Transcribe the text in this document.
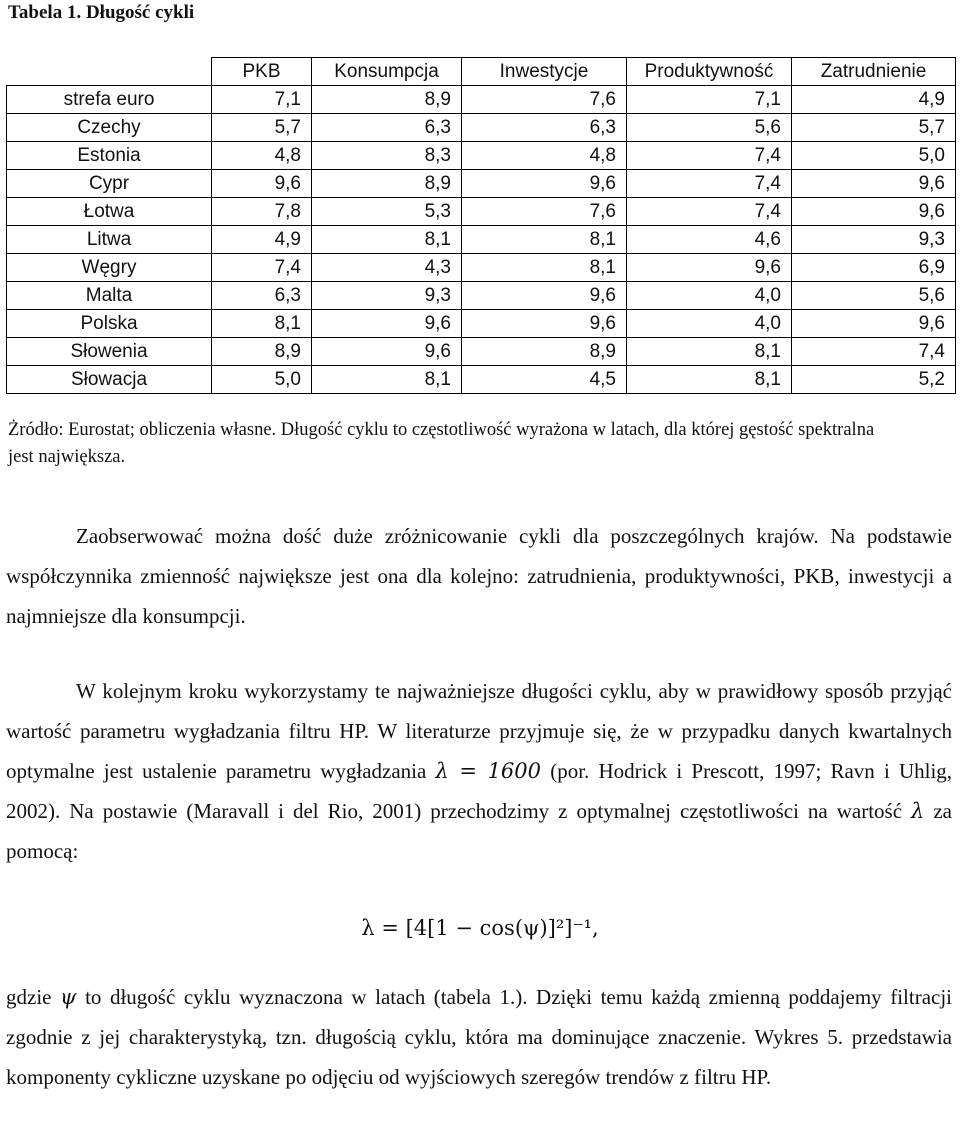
Tabela 1. Długość cykli
	PKB	Konsumpcja	Inwestycje	Produktywność	Zatrudnienie
strefa euro	7,1	8,9	7,6	7,1	4,9
Czechy	5,7	6,3	6,3	5,6	5,7
Estonia	4,8	8,3	4,8	7,4	5,0
Cypr	9,6	8,9	9,6	7,4	9,6
Łotwa	7,8	5,3	7,6	7,4	9,6
Litwa	4,9	8,1	8,1	4,6	9,3
Węgry	7,4	4,3	8,1	9,6	6,9
Malta	6,3	9,3	9,6	4,0	5,6
Polska	8,1	9,6	9,6	4,0	9,6
Słowenia	8,9	9,6	8,9	8,1	7,4
Słowacja	5,0	8,1	4,5	8,1	5,2
Żródło: Eurostat; obliczenia własne. Długość cyklu to częstotliwość wyrażona w latach, dla której gęstość spektralna jest największa.
Zaobserwować można dość duże zróżnicowanie cykli dla poszczególnych krajów. Na podstawie współczynnika zmienność największe jest ona dla kolejno: zatrudnienia, produktywności, PKB, inwestycji a najmniejsze dla konsumpcji.
W kolejnym kroku wykorzystamy te najważniejsze długości cyklu, aby w prawidłowy sposób przyjąć wartość parametru wygładzania filtru HP. W literaturze przyjmuje się, że w przypadku danych kwartalnych optymalne jest ustalenie parametru wygładzania λ = 1600 (por. Hodrick i Prescott, 1997; Ravn i Uhlig, 2002). Na postawie (Maravall i del Rio, 2001) przechodzimy z optymalnej częstotliwości na wartość λ za pomocą:
λ = [4[1 − cos(ψ)]²]⁻¹,
gdzie ψ to długość cyklu wyznaczona w latach (tabela 1.). Dzięki temu każdą zmienną poddajemy filtracji zgodnie z jej charakterystyką, tzn. długością cyklu, która ma dominujące znaczenie. Wykres 5. przedstawia komponenty cykliczne uzyskane po odjęciu od wyjściowych szeregów trendów z filtru HP.
